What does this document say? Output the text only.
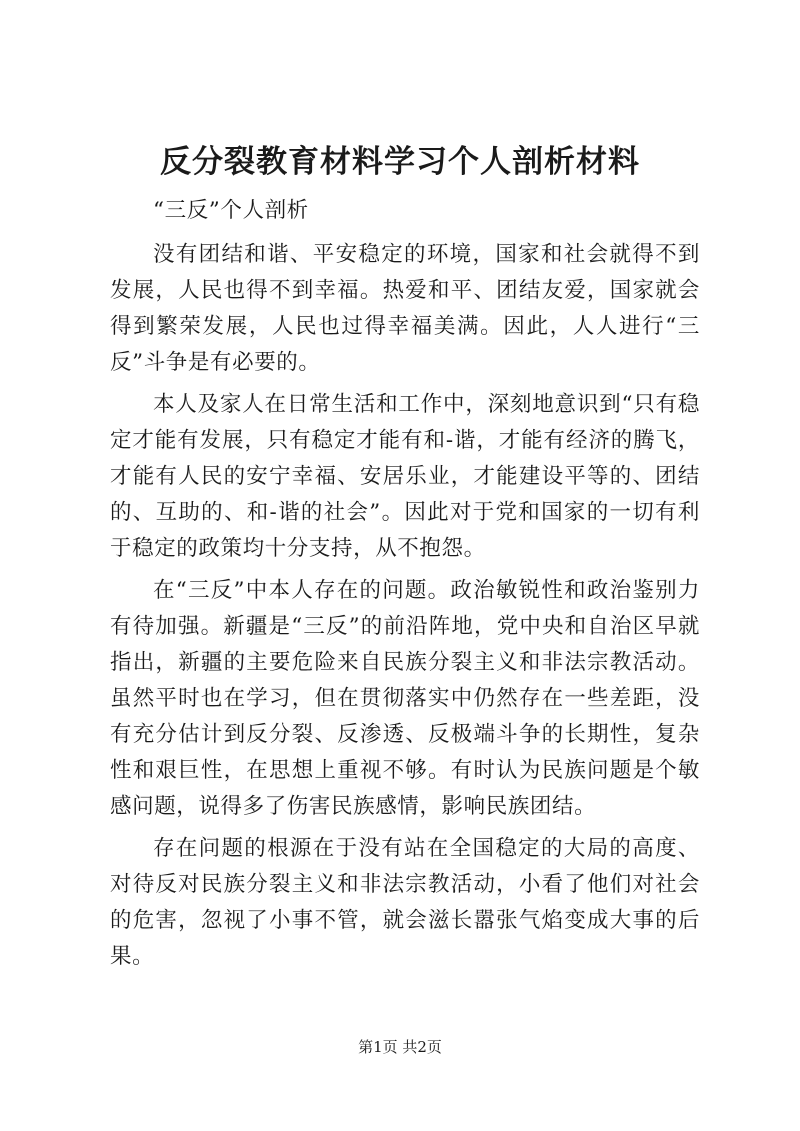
反分裂教育材料学习个人剖析材料

“三反”个人剖析

没有团结和谐、平安稳定的环境，国家和社会就得不到发展，人民也得不到幸福。热爱和平、团结友爱，国家就会得到繁荣发展，人民也过得幸福美满。因此，人人进行“三反”斗争是有必要的。

本人及家人在日常生活和工作中，深刻地意识到“只有稳定才能有发展，只有稳定才能有和-谐，才能有经济的腾飞，才能有人民的安宁幸福、安居乐业，才能建设平等的、团结的、互助的、和-谐的社会”。因此对于党和国家的一切有利于稳定的政策均十分支持，从不抱怨。

在“三反”中本人存在的问题。政治敏锐性和政治鉴别力有待加强。新疆是“三反”的前沿阵地，党中央和自治区早就指出，新疆的主要危险来自民族分裂主义和非法宗教活动。虽然平时也在学习，但在贯彻落实中仍然存在一些差距，没有充分估计到反分裂、反渗透、反极端斗争的长期性，复杂性和艰巨性，在思想上重视不够。有时认为民族问题是个敏感问题，说得多了伤害民族感情，影响民族团结。

存在问题的根源在于没有站在全国稳定的大局的高度、对待反对民族分裂主义和非法宗教活动，小看了他们对社会的危害，忽视了小事不管，就会滋长嚣张气焰变成大事的后果。

第1页 共2页
